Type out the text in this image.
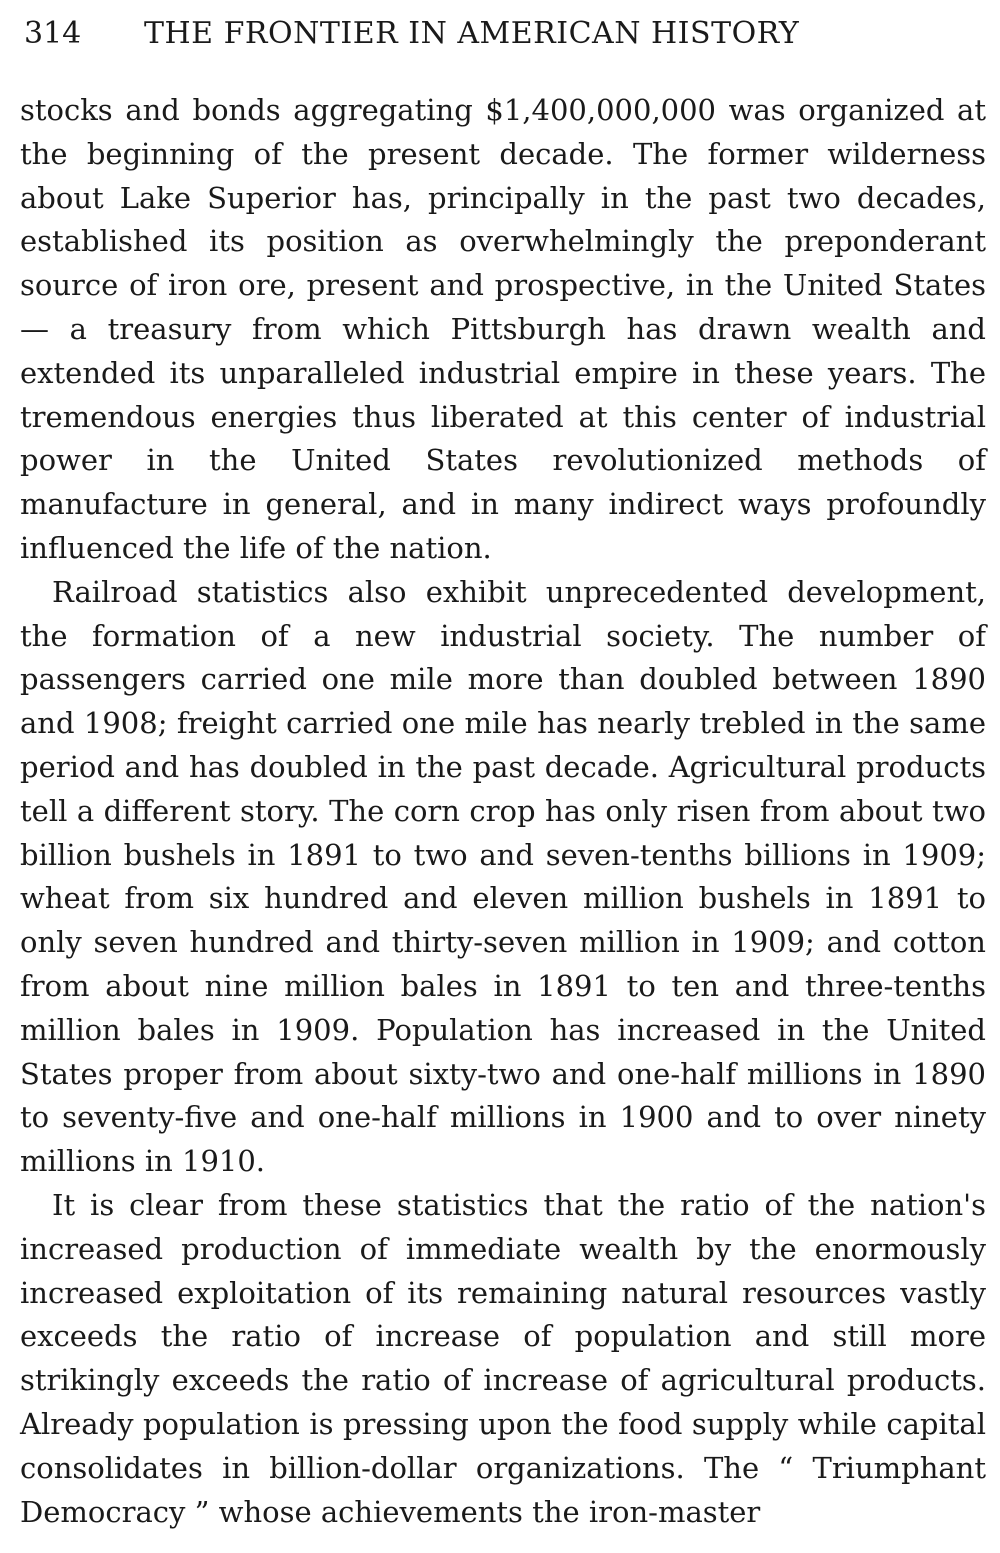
314 THE FRONTIER IN AMERICAN HISTORY

stocks and bonds aggregating $1,400,000,000 was organized at the beginning of the present decade. The former wilderness about Lake Superior has, principally in the past two decades, established its position as overwhelmingly the preponderant source of iron ore, present and prospective, in the United States — a treasury from which Pittsburgh has drawn wealth and extended its unparalleled industrial empire in these years. The tremendous energies thus liberated at this center of industrial power in the United States revolutionized methods of manufacture in general, and in many indirect ways profoundly influenced the life of the nation.

Railroad statistics also exhibit unprecedented development, the formation of a new industrial society. The number of passengers carried one mile more than doubled between 1890 and 1908; freight carried one mile has nearly trebled in the same period and has doubled in the past decade. Agricultural products tell a different story. The corn crop has only risen from about two billion bushels in 1891 to two and seven-tenths billions in 1909; wheat from six hundred and eleven million bushels in 1891 to only seven hundred and thirty-seven million in 1909; and cotton from about nine million bales in 1891 to ten and three-tenths million bales in 1909. Population has increased in the United States proper from about sixty-two and one-half millions in 1890 to seventy-five and one-half millions in 1900 and to over ninety millions in 1910.

It is clear from these statistics that the ratio of the nation's increased production of immediate wealth by the enormously increased exploitation of its remaining natural resources vastly exceeds the ratio of increase of population and still more strikingly exceeds the ratio of increase of agricultural products. Already population is pressing upon the food supply while capital consolidates in billion-dollar organizations. The “ Triumphant Democracy ” whose achievements the iron-master
